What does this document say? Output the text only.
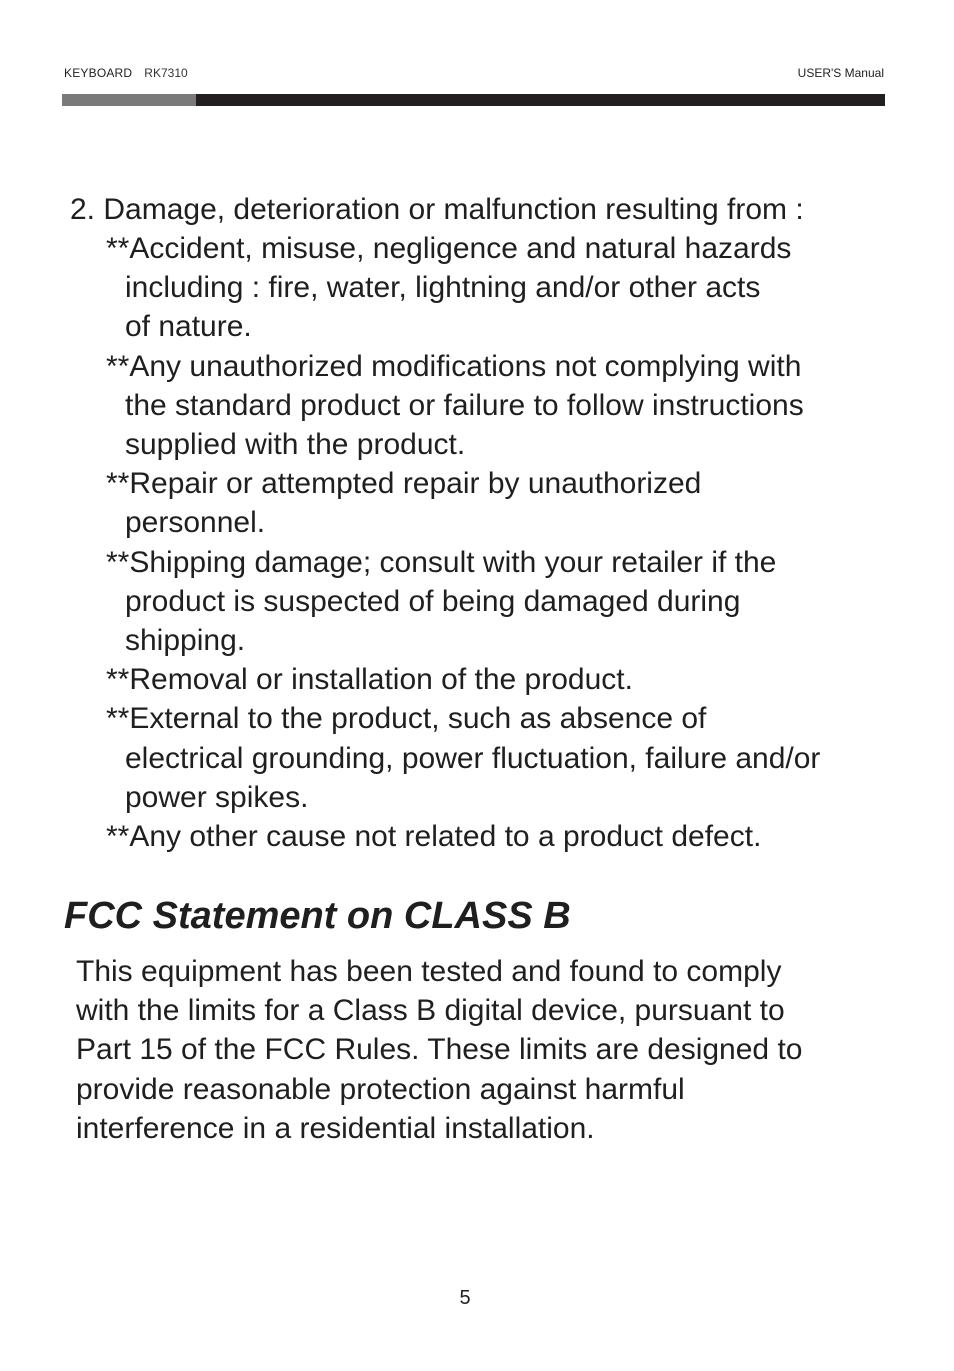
KEYBOARD RK7310	USER'S Manual
2. Damage, deterioration or malfunction resulting from :
**Accident, misuse, negligence and natural hazards
including : fire, water, lightning and/or other acts
of nature.
**Any unauthorized modifications not complying with
the standard product or failure to follow instructions
supplied with the product.
**Repair or attempted repair by unauthorized
personnel.
**Shipping damage; consult with your retailer if the
product is suspected of being damaged during
shipping.
**Removal or installation of the product.
**External to the product, such as absence of
electrical grounding, power fluctuation, failure and/or
power spikes.
**Any other cause not related to a product defect.
FCC Statement on CLASS B

This equipment has been tested and found to comply
with the limits for a Class B digital device, pursuant to
Part 15 of the FCC Rules. These limits are designed to
provide reasonable protection against harmful
interference in a residential installation.

5
